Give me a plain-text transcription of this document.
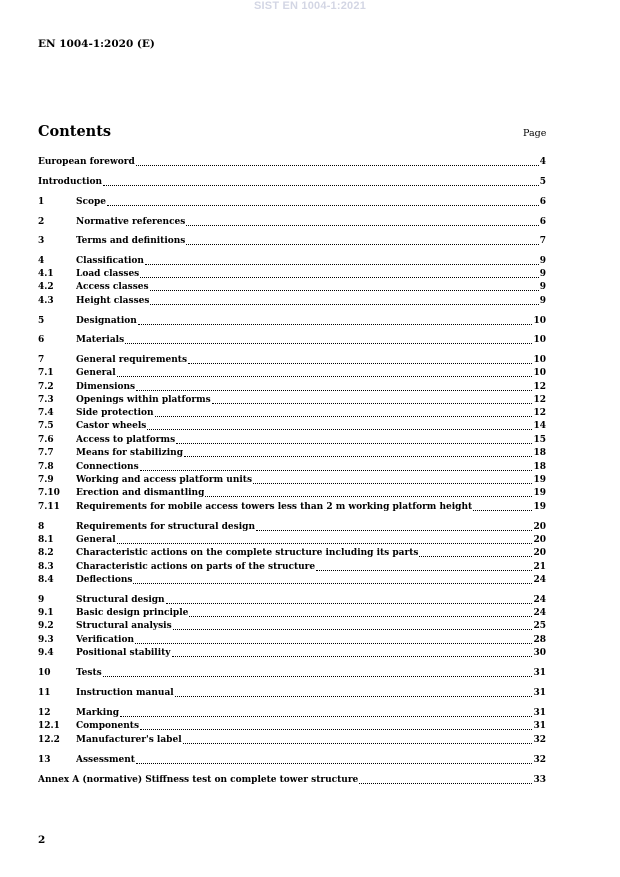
SIST EN 1004-1:2021
EN 1004-1:2020 (E)
Contents	Page
European foreword	4
Introduction	5
1	Scope	6
2	Normative references	6
3	Terms and definitions	7
4	Classification	9
4.1	Load classes	9
4.2	Access classes	9
4.3	Height classes	9
5	Designation	10
6	Materials	10
7	General requirements	10
7.1	General	10
7.2	Dimensions	12
7.3	Openings within platforms	12
7.4	Side protection	12
7.5	Castor wheels	14
7.6	Access to platforms	15
7.7	Means for stabilizing	18
7.8	Connections	18
7.9	Working and access platform units	19
7.10	Erection and dismantling	19
7.11	Requirements for mobile access towers less than 2 m working platform height	19
8	Requirements for structural design	20
8.1	General	20
8.2	Characteristic actions on the complete structure including its parts	20
8.3	Characteristic actions on parts of the structure	21
8.4	Deflections	24
9	Structural design	24
9.1	Basic design principle	24
9.2	Structural analysis	25
9.3	Verification	28
9.4	Positional stability	30
10	Tests	31
11	Instruction manual	31
12	Marking	31
12.1	Components	31
12.2	Manufacturer's label	32
13	Assessment	32
Annex A (normative) Stiffness test on complete tower structure	33
2
